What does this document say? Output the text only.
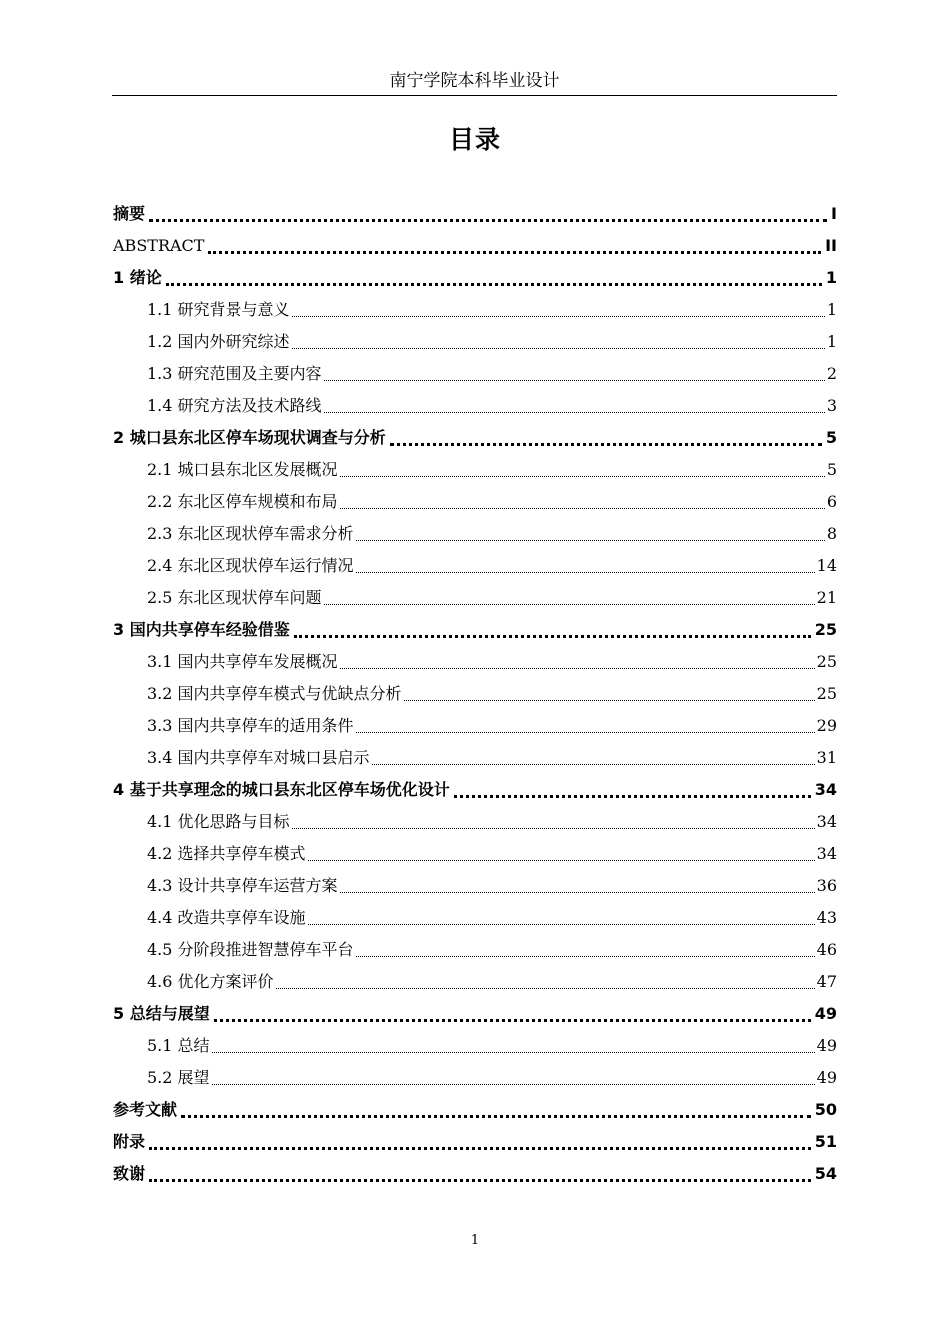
南宁学院本科毕业设计
目录
摘要	I
ABSTRACT	II
1 绪论	1
1.1 研究背景与意义	1
1.2 国内外研究综述	1
1.3 研究范围及主要内容	2
1.4 研究方法及技术路线	3
2 城口县东北区停车场现状调查与分析	5
2.1 城口县东北区发展概况	5
2.2 东北区停车规模和布局	6
2.3 东北区现状停车需求分析	8
2.4 东北区现状停车运行情况	14
2.5 东北区现状停车问题	21
3 国内共享停车经验借鉴	25
3.1 国内共享停车发展概况	25
3.2 国内共享停车模式与优缺点分析	25
3.3 国内共享停车的适用条件	29
3.4 国内共享停车对城口县启示	31
4 基于共享理念的城口县东北区停车场优化设计	34
4.1 优化思路与目标	34
4.2 选择共享停车模式	34
4.3 设计共享停车运营方案	36
4.4 改造共享停车设施	43
4.5 分阶段推进智慧停车平台	46
4.6 优化方案评价	47
5 总结与展望	49
5.1 总结	49
5.2 展望	49
参考文献	50
附录	51
致谢	54
1
